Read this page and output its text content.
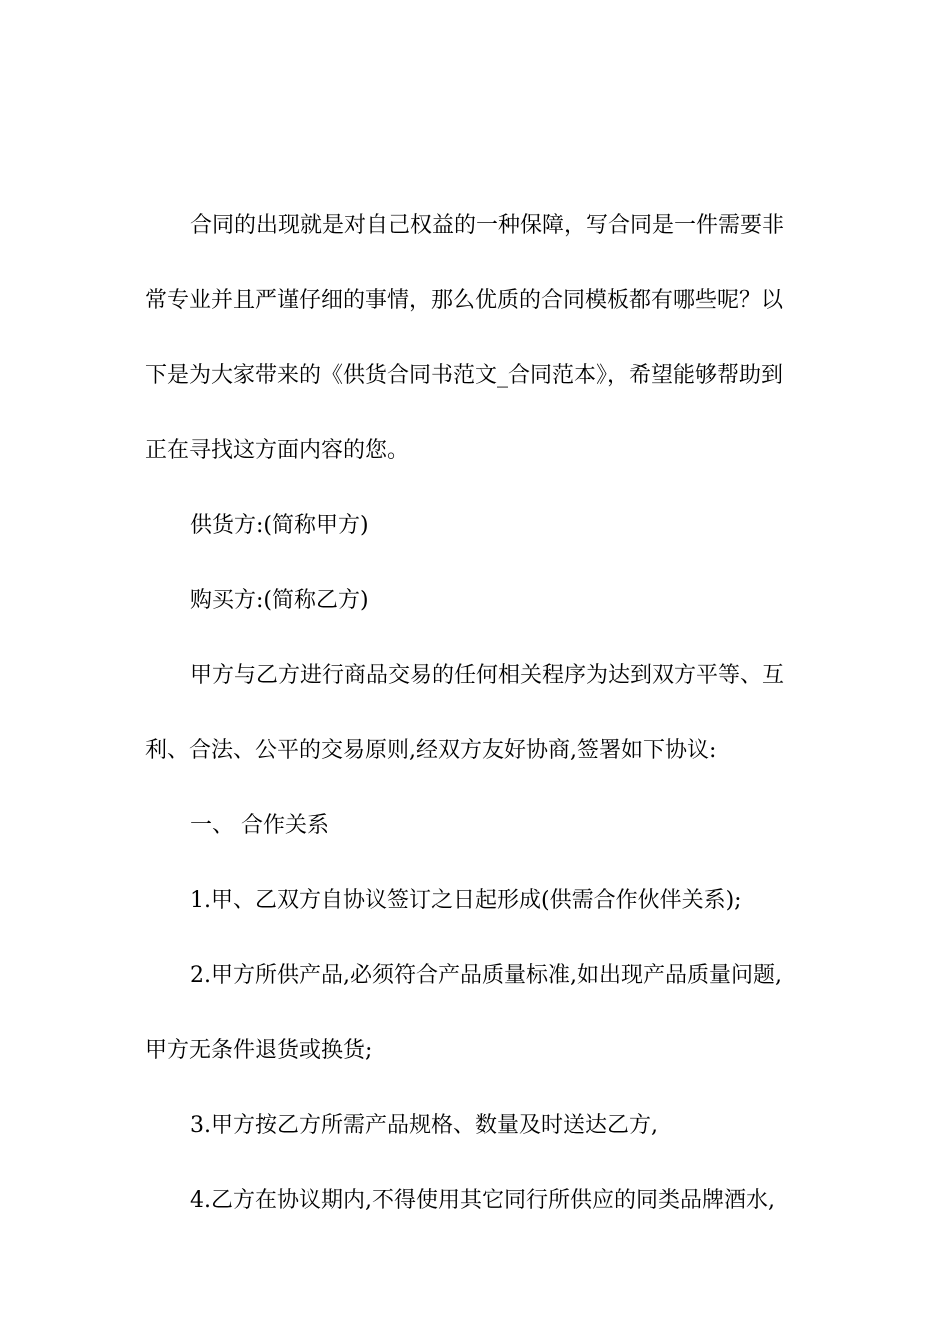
合同的出现就是对自己权益的一种保障，写合同是一件需要非
常专业并且严谨仔细的事情，那么优质的合同模板都有哪些呢？以
下是为大家带来的《供货合同书范文_合同范本》，希望能够帮助到
正在寻找这方面内容的您。
供货方:(简称甲方)
购买方:(简称乙方)
甲方与乙方进行商品交易的任何相关程序为达到双方平等、互
利、合法、公平的交易原则,经双方友好协商,签署如下协议:
一、 合作关系
1.甲、乙双方自协议签订之日起形成(供需合作伙伴关系);
2.甲方所供产品,必须符合产品质量标准,如出现产品质量问题,
甲方无条件退货或换货;
3.甲方按乙方所需产品规格、数量及时送达乙方,
4.乙方在协议期内,不得使用其它同行所供应的同类品牌酒水,
